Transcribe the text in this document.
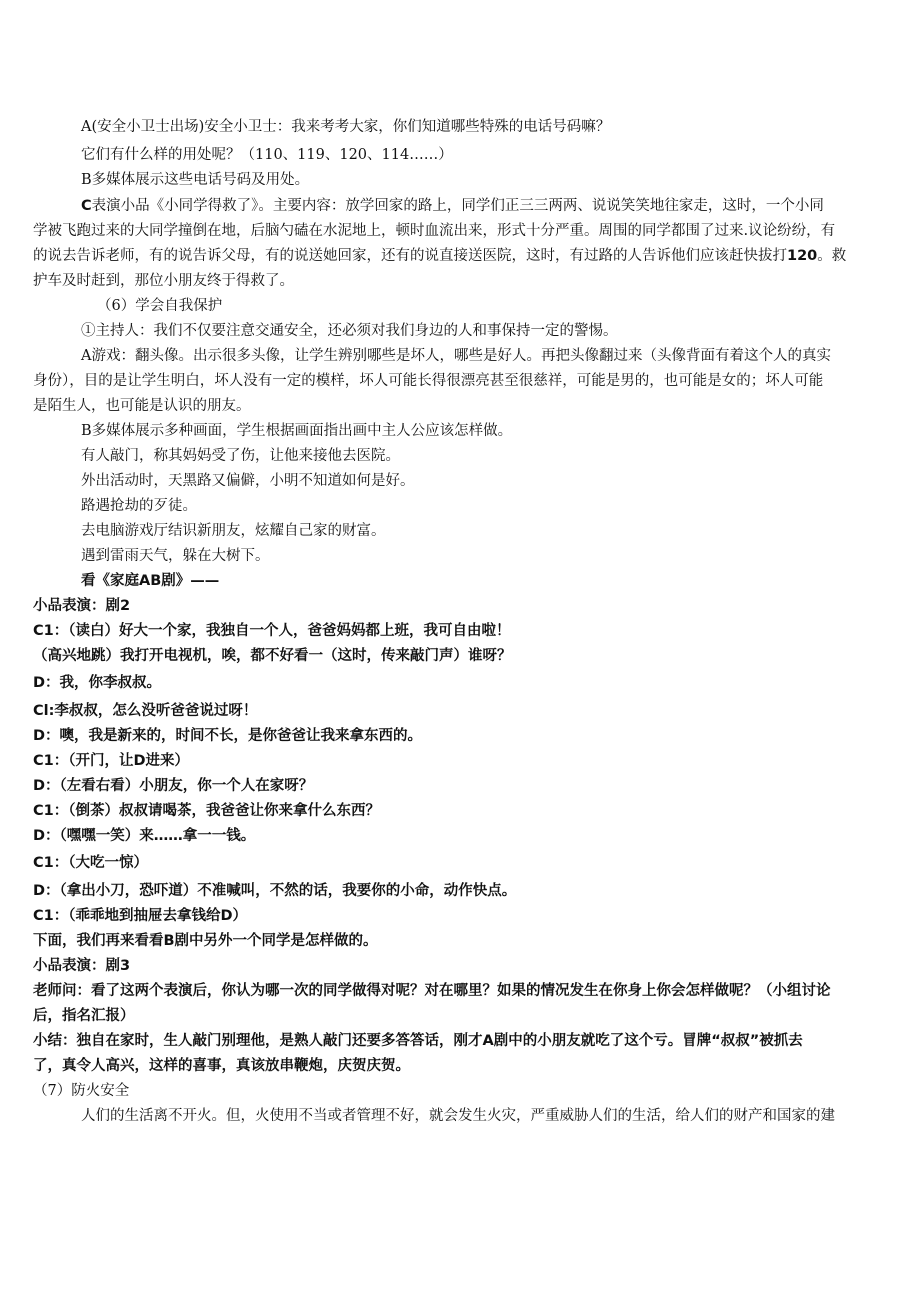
A(安全小卫士出场)安全小卫士：我来考考大家，你们知道哪些特殊的电话号码嘛？
它们有什么样的用处呢？（110、119、120、114……）
B多媒体展示这些电话号码及用处。
C表演小品《小同学得救了》。主要内容：放学回家的路上，同学们正三三两两、说说笑笑地往家走，这时，一个小同
学被飞跑过来的大同学撞倒在地，后脑勺磕在水泥地上，顿时血流出来，形式十分严重。周围的同学都围了过来.议论纷纷，有
的说去告诉老师，有的说告诉父母，有的说送她回家，还有的说直接送医院，这时，有过路的人告诉他们应该赶快拔打120。救
护车及时赶到，那位小朋友终于得救了。
（6）学会自我保护
①主持人：我们不仅要注意交通安全，还必须对我们身边的人和事保持一定的警惕。
A游戏：翻头像。出示很多头像，让学生辨别哪些是坏人，哪些是好人。再把头像翻过来（头像背面有着这个人的真实
身份），目的是让学生明白，坏人没有一定的模样，坏人可能长得很漂亮甚至很慈祥，可能是男的，也可能是女的；坏人可能
是陌生人，也可能是认识的朋友。
B多媒体展示多种画面，学生根据画面指出画中主人公应该怎样做。
有人敲门，称其妈妈受了伤，让他来接他去医院。
外出活动时，天黑路又偏僻，小明不知道如何是好。
路遇抢劫的歹徒。
去电脑游戏厅结识新朋友，炫耀自己家的财富。
遇到雷雨天气，躲在大树下。
看《家庭AB剧》——
小品表演：剧2
C1：（读白）好大一个家，我独自一个人，爸爸妈妈都上班，我可自由啦！
（高兴地跳）我打开电视机，唉，都不好看一（这时，传来敲门声）谁呀？
D：我，你李叔叔。
Cl:李叔叔，怎么没听爸爸说过呀！
D：噢，我是新来的，时间不长，是你爸爸让我来拿东西的。
C1：（开门，让D进来）
D：（左看右看）小朋友，你一个人在家呀？
C1：（倒茶）叔叔请喝茶，我爸爸让你来拿什么东西？
D：（嘿嘿一笑）来……拿一一钱。
C1：（大吃一惊）
D：（拿出小刀，恐吓道）不准喊叫，不然的话，我要你的小命，动作快点。
C1：（乖乖地到抽屉去拿钱给D）
下面，我们再来看看B剧中另外一个同学是怎样做的。
小品表演：剧3
老师问：看了这两个表演后，你认为哪一次的同学做得对呢？对在哪里？如果的情况发生在你身上你会怎样做呢？（小组讨论
后，指名汇报）
小结：独自在家时，生人敲门别理他，是熟人敲门还要多答答话，刚才A剧中的小朋友就吃了这个亏。冒牌“叔叔”被抓去
了，真令人高兴，这样的喜事，真该放串鞭炮，庆贺庆贺。
（7）防火安全
人们的生活离不开火。但，火使用不当或者管理不好，就会发生火灾，严重威胁人们的生活，给人们的财产和国家的建
